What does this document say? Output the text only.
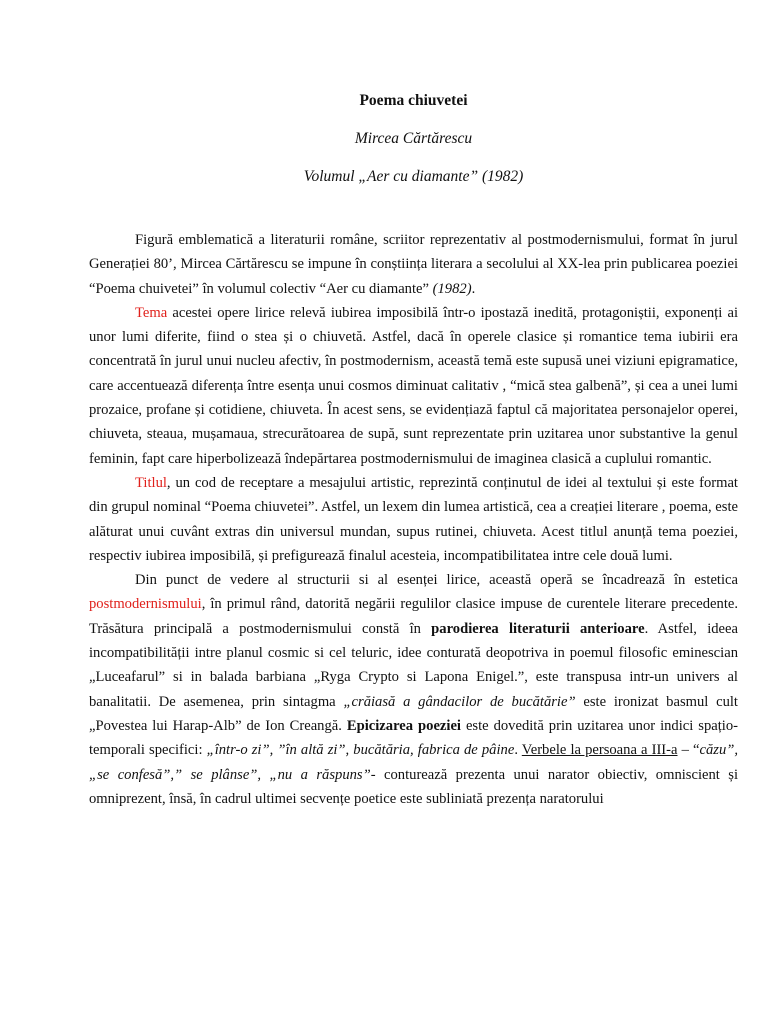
Poema chiuvetei
Mircea Cărtărescu
Volumul „Aer cu diamante” (1982)

Figură emblematică a literaturii române, scriitor reprezentativ al postmodernismului, format în jurul Generației 80’, Mircea Cărtărescu se impune în conștiința literara a secolului al XX-lea prin publicarea poeziei “Poema chuivetei” în volumul colectiv “Aer cu diamante” (1982).

Tema acestei opere lirice relevă iubirea imposibilă într-o ipostază inedită, protagoniștii, exponenți ai unor lumi diferite, fiind o stea și o chiuvetă. Astfel, dacă în operele clasice și romantice tema iubirii era concentrată în jurul unui nucleu afectiv, în postmodernism, această temă este supusă unei viziuni epigramatice, care accentuează diferența între esența unui cosmos diminuat calitativ , “mică stea galbenă”, și cea a unei lumi prozaice, profane și cotidiene, chiuveta. În acest sens, se evidențiază faptul că majoritatea personajelor operei, chiuveta, steaua, mușamaua, strecurătoarea de supă, sunt reprezentate prin uzitarea unor substantive la genul feminin, fapt care hiperbolizează îndepărtarea postmodernismului de imaginea clasică a cuplului romantic.

Titlul, un cod de receptare a mesajului artistic, reprezintă conținutul de idei al textului și este format din grupul nominal “Poema chiuvetei”. Astfel, un lexem din lumea artistică, cea a creației literare , poema, este alăturat unui cuvânt extras din universul mundan, supus rutinei, chiuveta. Acest titlul anunță tema poeziei, respectiv iubirea imposibilă, și prefigurează finalul acesteia, incompatibilitatea intre cele două lumi.

Din punct de vedere al structurii si al esenței lirice, această operă se încadrează în estetica postmodernismului, în primul rând, datorită negării regulilor clasice impuse de curentele literare precedente. Trăsătura principală a postmodernismului constă în parodierea literaturii anterioare. Astfel, ideea incompatibilității intre planul cosmic si cel teluric, idee conturată deopotriva in poemul filosofic eminescian „Luceafarul” si in balada barbiana „Ryga Crypto si Lapona Enigel.”, este transpusa intr-un univers al banalitatii. De asemenea, prin sintagma „crăiasă a gândacilor de bucătărie” este ironizat basmul cult „Povestea lui Harap-Alb” de Ion Creangă. Epicizarea poeziei este dovedită prin uzitarea unor indici spațio-temporali specifici: „într-o zi”, ”în altă zi”, bucătăria, fabrica de pâine. Verbele la persoana a III-a – “căzu”, „se confesă”,” se plânse”, „nu a răspuns”- conturează prezenta unui narator obiectiv, omniscient și omniprezent, însă, în cadrul ultimei secvențe poetice este subliniată prezența naratorului
